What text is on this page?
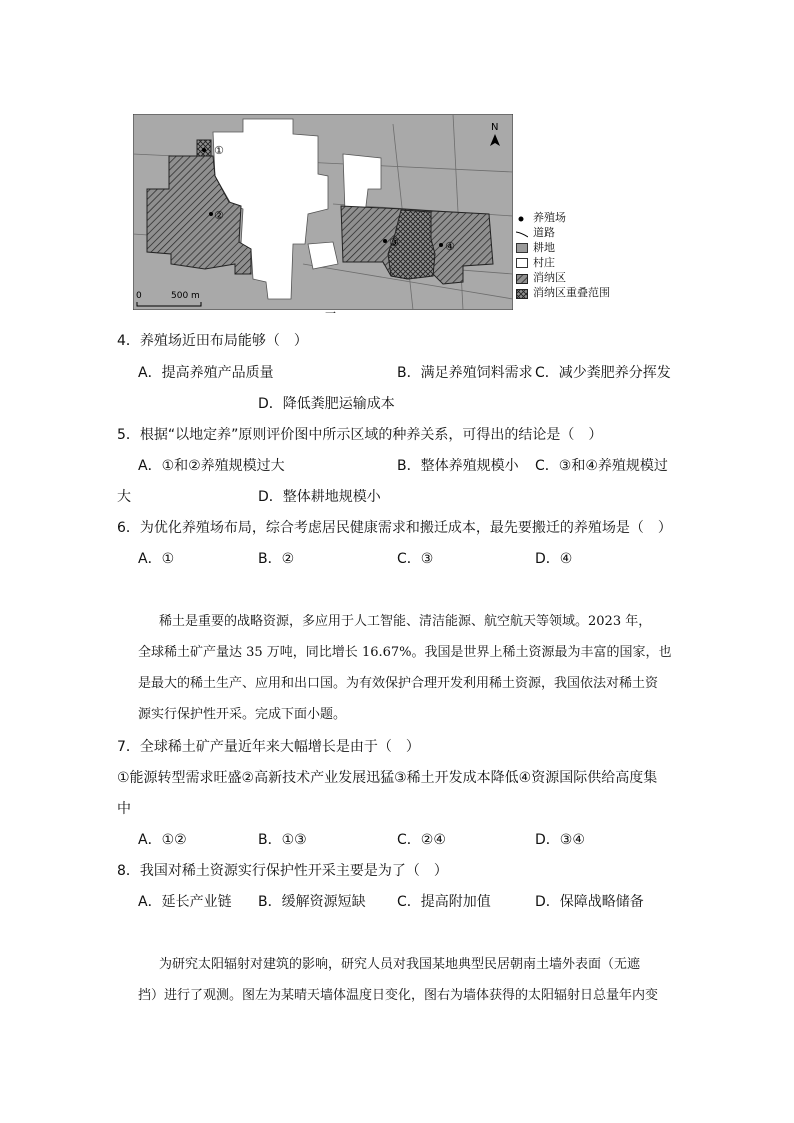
①
②
③	④
N
0	500 m
养殖场
道路
耕地
村庄
消纳区
消纳区重叠范围
一
4．养殖场近田布局能够（　）
A．提高养殖产品质量	B．满足养殖饲料需求 C．减少粪肥养分挥发
D．降低粪肥运输成本
5．根据“以地定养”原则评价图中所示区域的种养关系，可得出的结论是（　）
A．①和②养殖规模过大	B．整体养殖规模小 C．③和④养殖规模过
大	D．整体耕地规模小
6．为优化养殖场布局，综合考虑居民健康需求和搬迁成本，最先要搬迁的养殖场是（　）
A．①	B．②	C．③	D．④
稀土是重要的战略资源，多应用于人工智能、清洁能源、航空航天等领域。2023 年，
全球稀土矿产量达 35 万吨，同比增长 16.67%。我国是世界上稀土资源最为丰富的国家，也
是最大的稀土生产、应用和出口国。为有效保护合理开发利用稀土资源，我国依法对稀土资
源实行保护性开采。完成下面小题。
7．全球稀土矿产量近年来大幅增长是由于（　）
①能源转型需求旺盛②高新技术产业发展迅猛③稀土开发成本降低④资源国际供给高度集
中
A．①②	B．①③	C．②④	D．③④
8．我国对稀土资源实行保护性开采主要是为了（　）
A．延长产业链 B．缓解资源短缺 C．提高附加值	D．保障战略储备
为研究太阳辐射对建筑的影响，研究人员对我国某地典型民居朝南土墙外表面（无遮
挡）进行了观测。图左为某晴天墙体温度日变化，图右为墙体获得的太阳辐射日总量年内变
